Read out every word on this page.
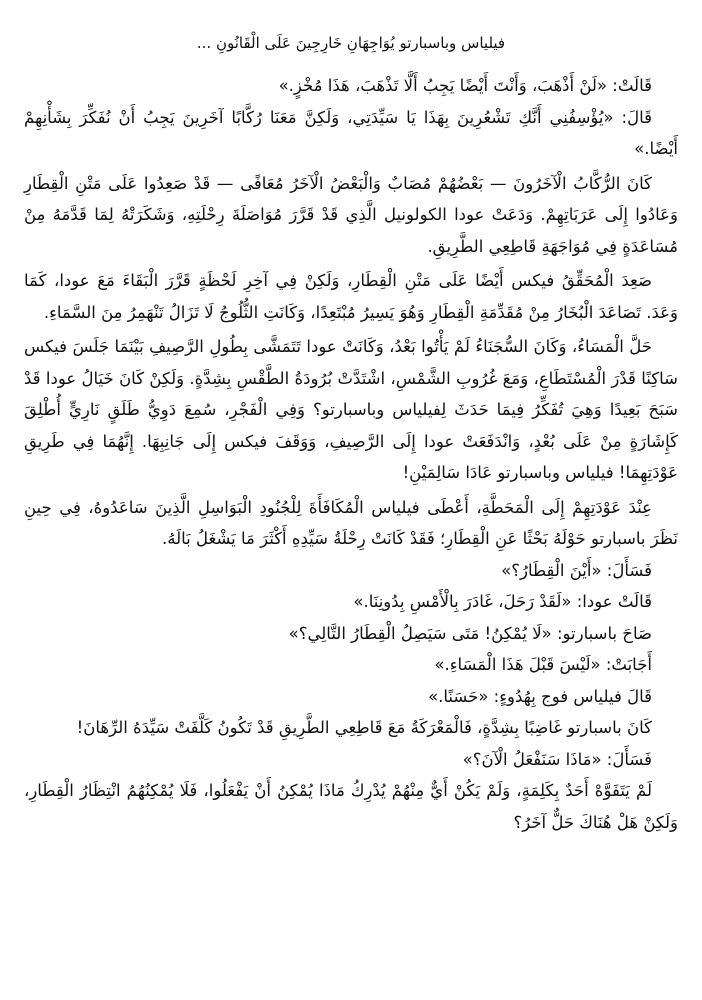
فيلياس وباسبارتو يُوَاجِهَانِ خَارِجِينَ عَلَى الْقَانُونِ ...

قَالَتْ: «لَنْ أَذْهَبَ، وَأَنْتَ أَيْضًا يَجِبُ أَلَّا تَذْهَبَ، هَذَا مُخْزٍ.»

قَالَ: «يُؤْسِفُنِي أَنَّكِ تَشْعُرِينَ بِهَذَا يَا سَيِّدَتِي، وَلَكِنَّ مَعَنَا رُكَّابًا آخَرِينَ يَجِبُ أَنْ نُفَكِّرَ بِشَأْنِهِمْ أَيْضًا.»

كَانَ الرُّكَّابُ الْآخَرُونَ — بَعْضُهُمْ مُصَابٌ وَالْبَعْضُ الْآخَرُ مُعَافًى — قَدْ صَعِدُوا عَلَى مَتْنِ الْقِطَارِ وَعَادُوا إِلَى عَرَبَاتِهِمْ. وَدَعَتْ عودا الكولونيل الَّذِي قَدْ قَرَّرَ مُوَاصَلَةَ رِحْلَتِهِ، وَشَكَرَتْهُ لِمَا قَدَّمَهُ مِنْ مُسَاعَدَةٍ فِي مُوَاجَهَةِ قَاطِعِي الطَّرِيقِ.

صَعِدَ الْمُحَقِّقُ فيكس أَيْضًا عَلَى مَتْنِ الْقِطَارِ، وَلَكِنْ فِي آخِرِ لَحْظَةٍ قَرَّرَ الْبَقَاءَ مَعَ عودا، كَمَا وَعَدَ. تَصَاعَدَ الْبُخَارُ مِنْ مُقَدِّمَةِ الْقِطَارِ وَهُوَ يَسِيرُ مُبْتَعِدًا، وَكَانَتِ الثُّلُوجُ لَا تَزَالُ تَنْهَمِرُ مِنَ السَّمَاءِ.

حَلَّ الْمَسَاءُ، وَكَانَ السُّجَنَاءُ لَمْ يَأْتُوا بَعْدُ، وَكَانَتْ عودا تَتَمَشَّى بِطُولِ الرَّصِيفِ بَيْنَمَا جَلَسَ فيكس سَاكِنًا قَدْرَ الْمُسْتَطَاعِ، وَمَعَ غُرُوبِ الشَّمْسِ، اشْتَدَّتْ بُرُودَةُ الطَّقْسِ بِشِدَّةٍ. وَلَكِنْ كَانَ خَيَالُ عودا قَدْ سَبَحَ بَعِيدًا وَهِيَ تُفَكِّرُ فِيمَا حَدَثَ لِفيلياس وباسبارتو؟ وَفِي الْفَجْرِ، سُمِعَ دَوِيُّ طَلَقٍ نَارِيٍّ أُطْلِقَ كَإِشَارَةٍ مِنْ عَلَى بُعْدٍ، وَانْدَفَعَتْ عودا إِلَى الرَّصِيفِ، وَوَقَفَ فيكس إِلَى جَانِبِهَا. إِنَّهُمَا فِي طَرِيقِ عَوْدَتِهِمَا! فيلياس وباسبارتو عَادَا سَالِمَيْنِ!

عِنْدَ عَوْدَتِهِمْ إِلَى الْمَحَطَّةِ، أَعْطَى فيلياس الْمُكَافَأَةَ لِلْجُنُودِ الْبَوَاسِلِ الَّذِينَ سَاعَدُوهُ، فِي حِينِ نَظَرَ باسبارتو حَوْلَهُ بَحْثًا عَنِ الْقِطَارِ؛ فَقَدْ كَانَتْ رِحْلَةُ سَيِّدِهِ أَكْثَرَ مَا يَشْغَلُ بَالَهُ.

فَسَأَلَ: «أَيْنَ الْقِطَارُ؟»

قَالَتْ عودا: «لَقَدْ رَحَلَ، غَادَرَ بِالْأَمْسِ بِدُونِنَا.»

صَاحَ باسبارتو: «لَا يُمْكِنُ! مَتَى سَيَصِلُ الْقِطَارُ التَّالِي؟»

أَجَابَتْ: «لَيْسَ قَبْلَ هَذَا الْمَسَاءِ.»

قَالَ فيلياس فوج بِهُدُوءٍ: «حَسَنًا.»

كَانَ باسبارتو غَاضِبًا بِشِدَّةٍ، فَالْمَعْرَكَةُ مَعَ قَاطِعِي الطَّرِيقِ قَدْ تَكُونُ كَلَّفَتْ سَيِّدَهُ الرِّهَانَ!

فَسَأَلَ: «مَاذَا سَنَفْعَلُ الْآنَ؟»

لَمْ يَتَفَوَّهْ أَحَدٌ بِكَلِمَةٍ، وَلَمْ يَكُنْ أَيٌّ مِنْهُمْ يُدْرِكُ مَاذَا يُمْكِنُ أَنْ يَفْعَلُوا، فَلَا يُمْكِنُهُمُ انْتِظَارُ الْقِطَارِ، وَلَكِنْ هَلْ هُنَاكَ حَلٌّ آخَرُ؟
